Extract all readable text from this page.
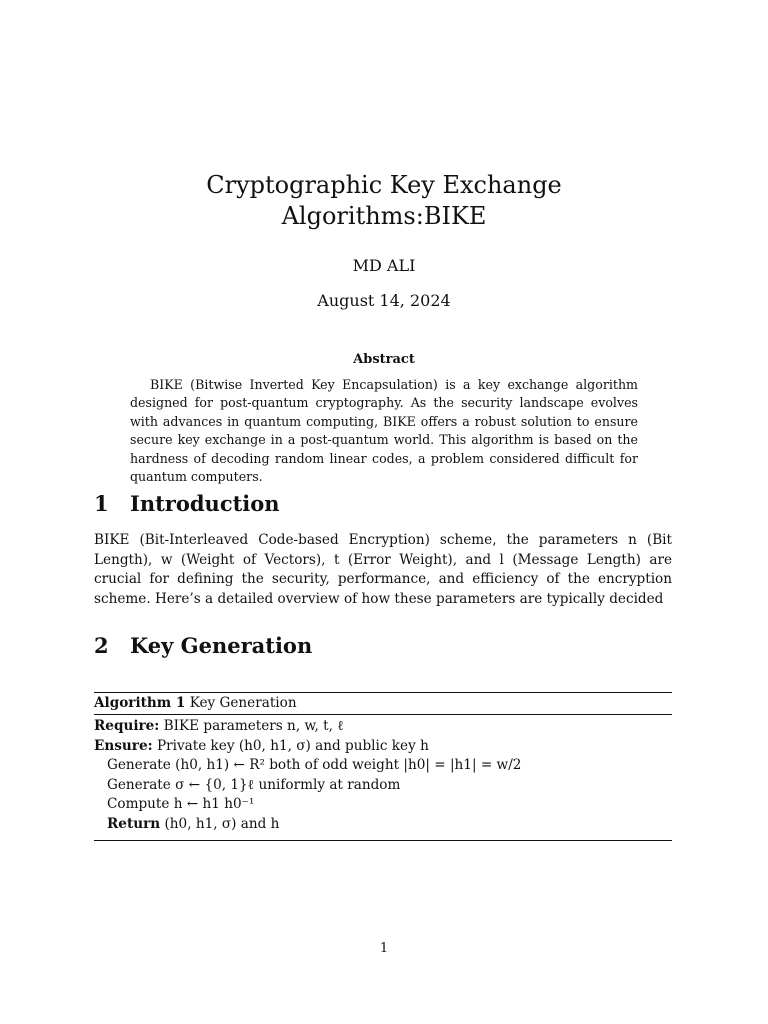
Cryptographic Key Exchange
Algorithms:BIKE
MD ALI
August 14, 2024
Abstract

BIKE (Bitwise Inverted Key Encapsulation) is a key exchange algorithm designed for post-quantum cryptography. As the security landscape evolves with advances in quantum computing, BIKE offers a robust solution to ensure secure key exchange in a post-quantum world. This algorithm is based on the hardness of decoding random linear codes, a problem considered difficult for quantum computers.

1 Introduction

BIKE (Bit-Interleaved Code-based Encryption) scheme, the parameters n (Bit Length), w (Weight of Vectors), t (Error Weight), and l (Message Length) are crucial for defining the security, performance, and efficiency of the encryption scheme. Here’s a detailed overview of how these parameters are typically decided

2 Key Generation
Algorithm 1 Key Generation
Require: BIKE parameters n, w, t, ℓ
Ensure: Private key (h0, h1, σ) and public key h
Generate (h0, h1) ← R² both of odd weight |h0| = |h1| = w/2
Generate σ ← {0, 1}ℓ uniformly at random
Compute h ← h1 h0⁻¹
Return (h0, h1, σ) and h
1
